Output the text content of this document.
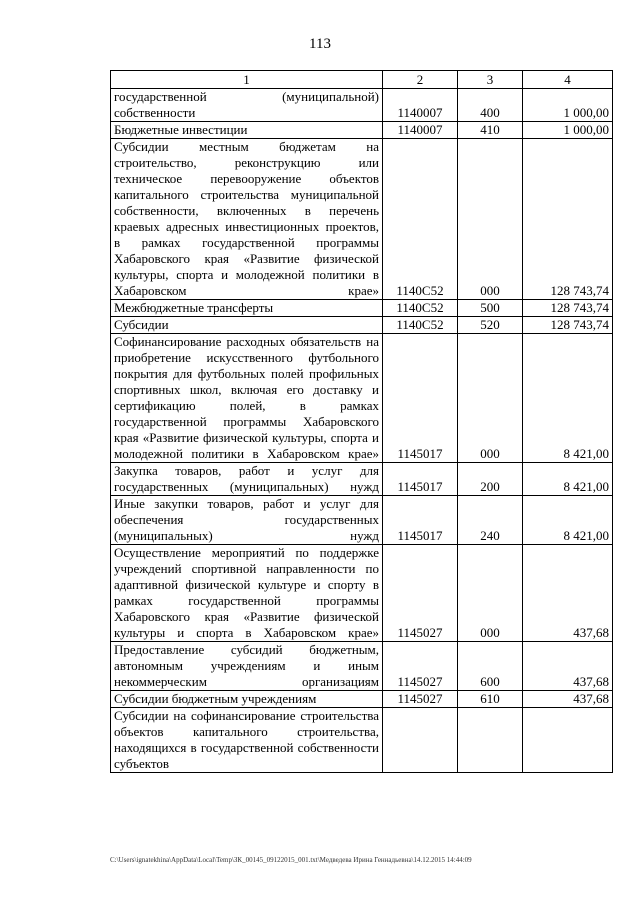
113
1	2	3	4
государственной (муниципальной) собственности	1140007	400	1 000,00
Бюджетные инвестиции	1140007	410	1 000,00
Субсидии местным бюджетам на строительство, реконструкцию или техническое перевооружение объектов капитального строительства муниципальной собственности, включенных в перечень краевых адресных инвестиционных проектов, в рамках государственной программы Хабаровского края «Развитие физической культуры, спорта и молодежной политики в Хабаровском крае»	1140С52	000	128 743,74
Межбюджетные трансферты	1140С52	500	128 743,74
Субсидии	1140С52	520	128 743,74
Софинансирование расходных обязательств на приобретение искусственного футбольного покрытия для футбольных полей профильных спортивных школ, включая его доставку и сертификацию полей, в рамках государственной программы Хабаровского края «Развитие физической культуры, спорта и молодежной политики в Хабаровском крае»	1145017	000	8 421,00
Закупка товаров, работ и услуг для государственных (муниципальных) нужд	1145017	200	8 421,00
Иные закупки товаров, работ и услуг для обеспечения государственных (муниципальных) нужд	1145017	240	8 421,00
Осуществление мероприятий по поддержке учреждений спортивной направленности по адаптивной физической культуре и спорту в рамках государственной программы Хабаровского края «Развитие физической культуры и спорта в Хабаровском крае»	1145027	000	437,68
Предоставление субсидий бюджетным, автономным учреждениям и иным некоммерческим организациям	1145027	600	437,68
Субсидии бюджетным учреждениям	1145027	610	437,68
Субсидии на софинансирование строительства объектов капитального строительства, находящихся в государственной собственности субъектов			
C:\Users\ignatekhina\AppData\Local\Temp\ЗК_00145_09122015_001.txt\Медведева Ирина Геннадьевна\14.12.2015 14:44:09
